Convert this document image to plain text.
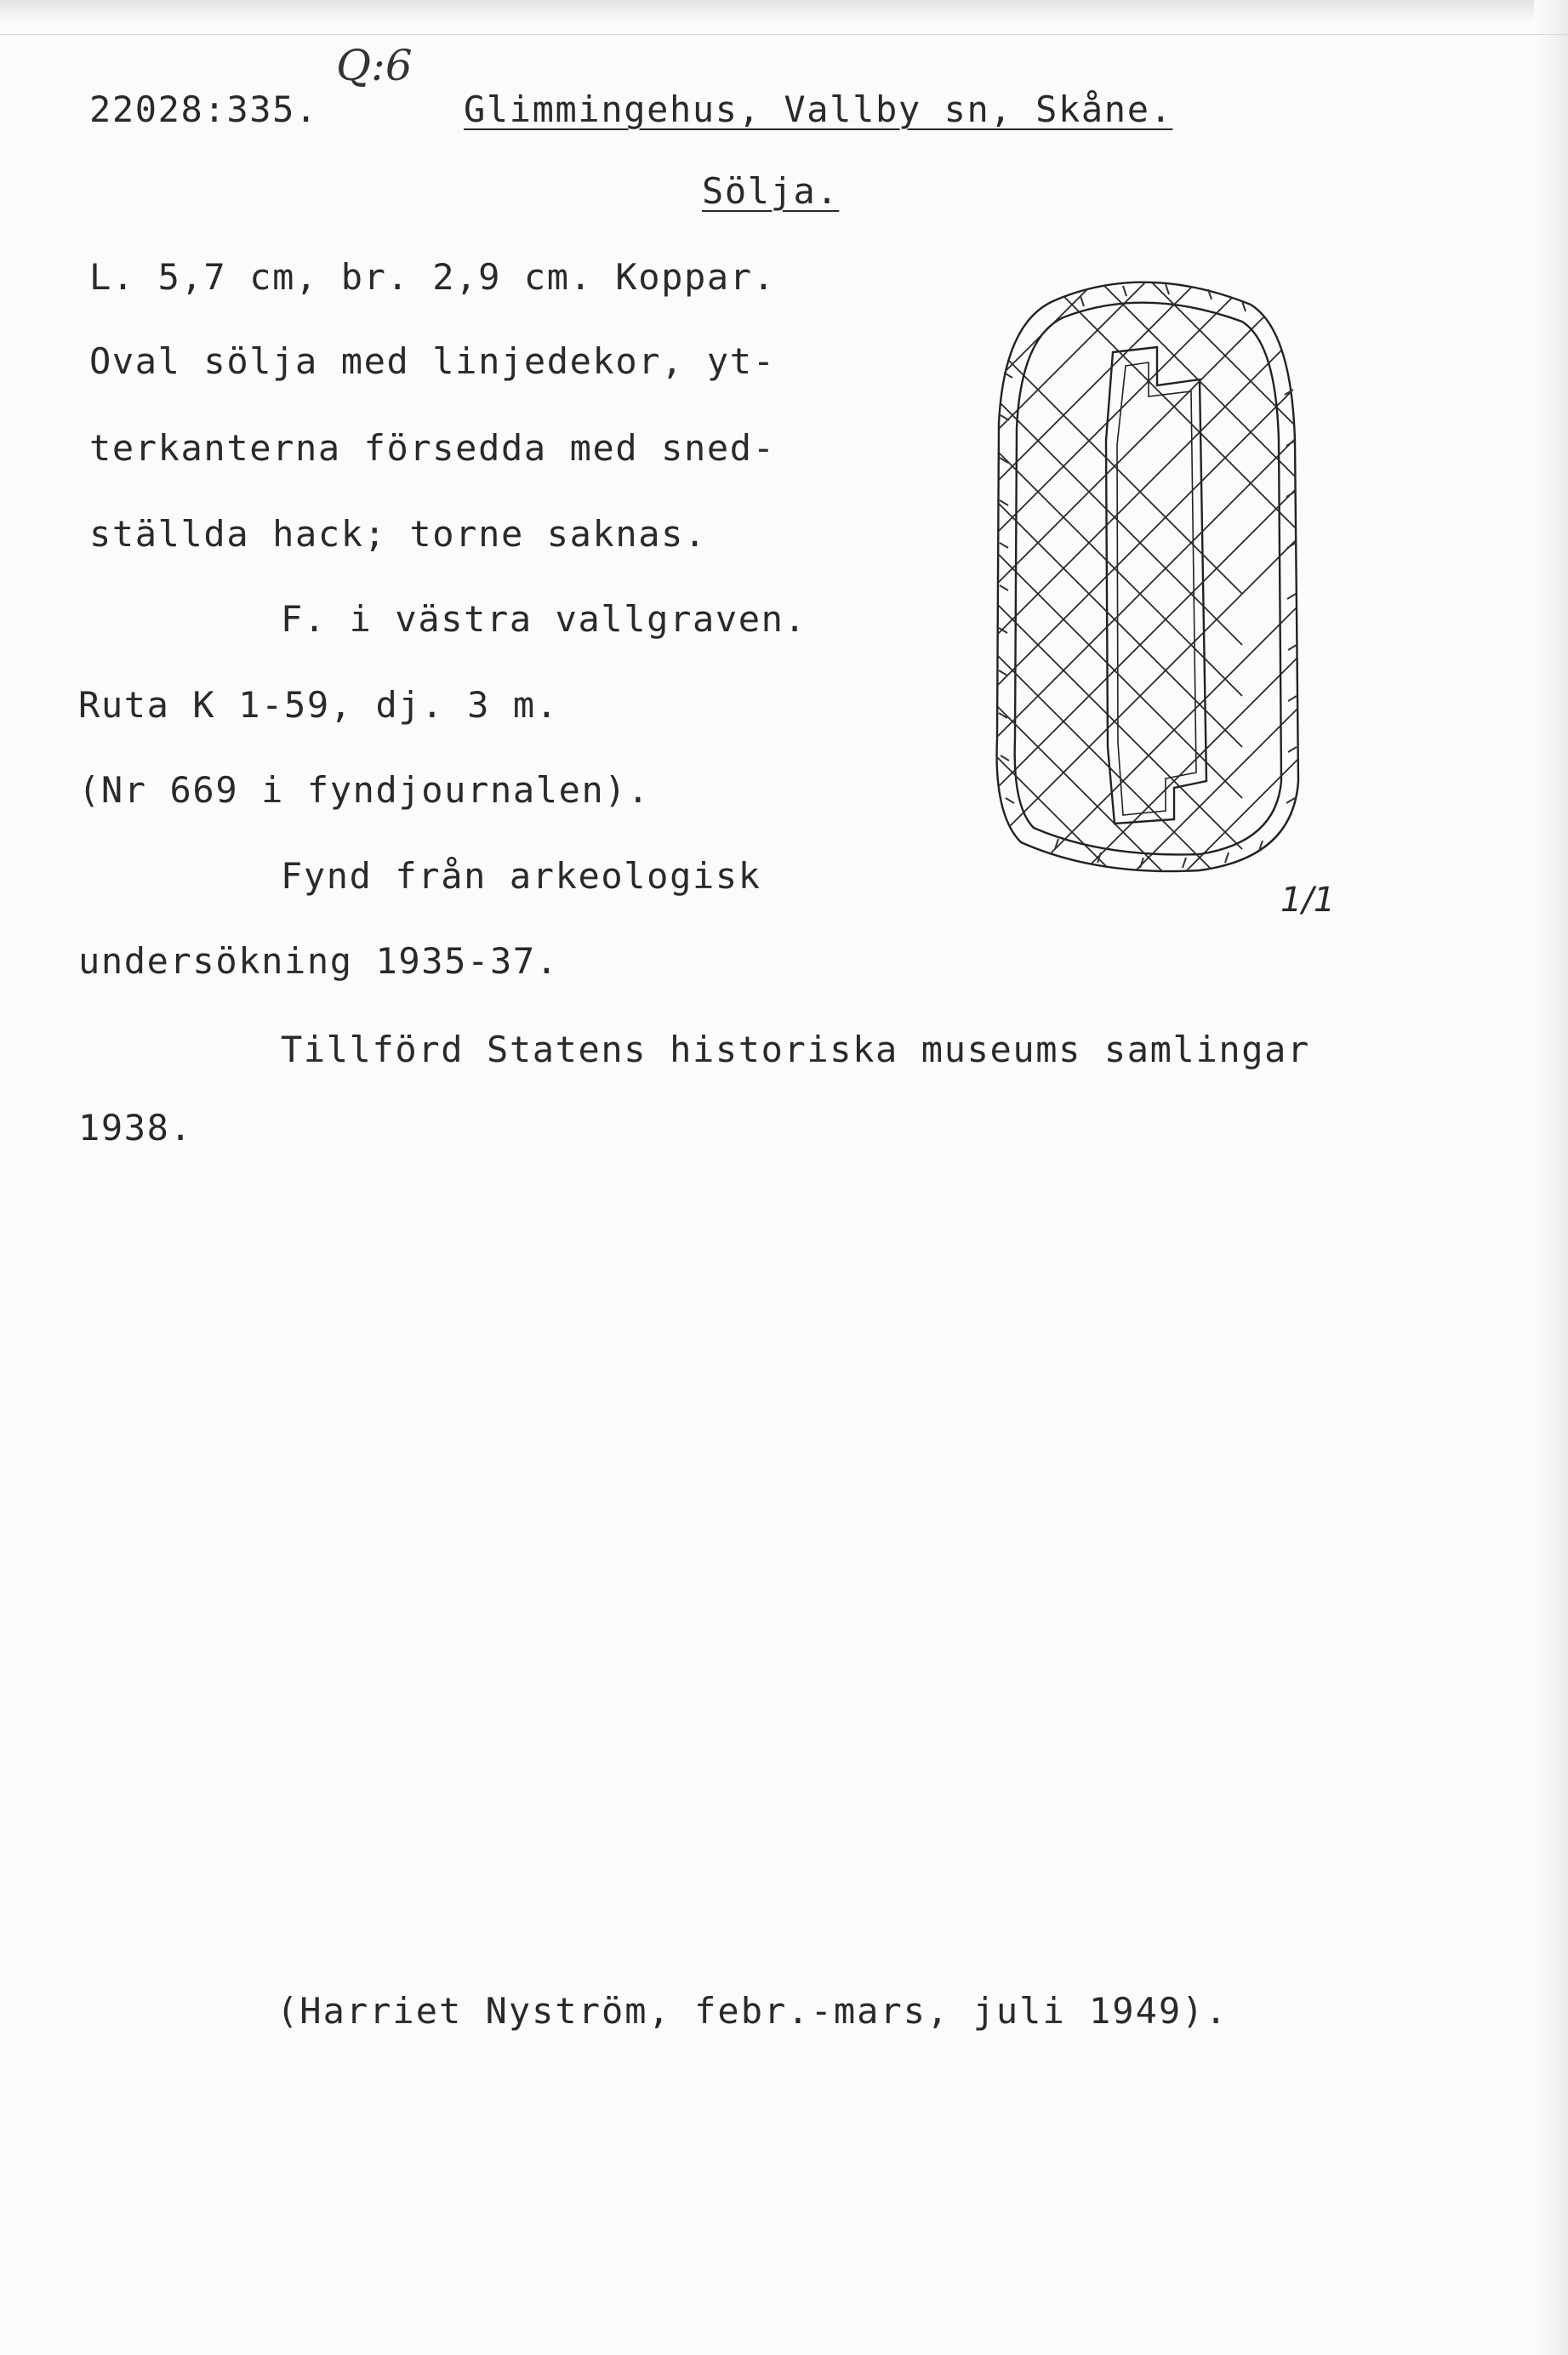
22028:335.
Q:6
Glimmingehus, Vallby sn, Skåne.
Sölja.
L. 5,7 cm, br. 2,9 cm. Koppar.
Oval sölja med linjedekor, yt-
terkanterna försedda med sned-
ställda hack; torne saknas.
F. i västra vallgraven.
Ruta K 1-59, dj. 3 m.
(Nr 669 i fyndjournalen).
Fynd från arkeologisk
undersökning 1935-37.
Tillförd Statens historiska museums samlingar
1938.
1/1
(Harriet Nyström, febr.-mars, juli 1949).
